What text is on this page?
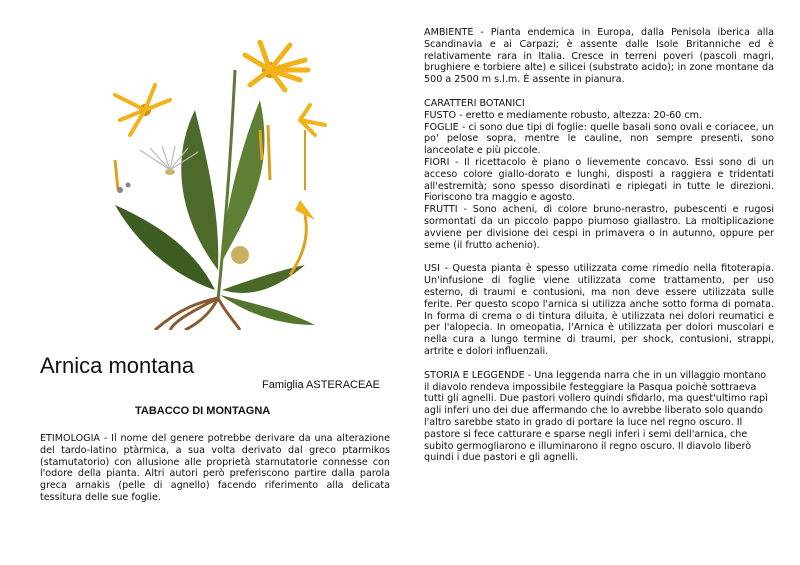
Arnica montana
Famiglia ASTERACEAE
TABACCO DI MONTAGNA
ETIMOLOGIA - Il nome del genere potrebbe derivare da una alterazione del tardo-latino ptàrmica, a sua volta derivato dal greco ptarmikos (stamutatorio) con allusione alle proprietà starnutatorie connesse con l'odore della pianta. Altri autori però preferiscono partire dalla parola greca arnakis (pelle di agnello) facendo riferimento alla delicata tessitura delle sue foglie.

AMBIENTE - Pianta endemica in Europa, dalla Penisola iberica alla Scandinavia e ai Carpazi; è assente dalle Isole Britanniche ed è relativamente rara in Italia. Cresce in terreni poveri (pascoli magri, brughiere e torbiere alte) e silicei (substrato acido); in zone montane da 500 a 2500 m s.l.m. È assente in pianura.

CARATTERI BOTANICI

FUSTO - eretto e mediamente robusto, altezza: 20-60 cm.

FOGLIE - ci sono due tipi di foglie: quelle basali sono ovali e coriacee, un po' pelose sopra, mentre le cauline, non sempre presenti, sono lanceolate e più piccole.

FIORI - Il ricettacolo è piano o lievemente concavo. Essi sono di un acceso colore giallo-dorato e lunghi, disposti a raggiera e tridentati all'estremità; sono spesso disordinati e ripiegati in tutte le direzioni. Fioriscono tra maggio e agosto.

FRUTTI - Sono acheni, di colore bruno-nerastro, pubescenti e rugosi sormontati da un piccolo pappo piumoso giallastro. La moltiplicazione avviene per divisione dei cespi in primavera o in autunno, oppure per seme (il frutto achenio).

USI - Questa pianta è spesso utilizzata come rimedio nella fitoterapia. Un'infusione di foglie viene utilizzata come trattamento, per uso esterno, di traumi e contusioni, ma non deve essere utilizzata sulle ferite. Per questo scopo l'arnica si utilizza anche sotto forma di pomata. In forma di crema o di tintura diluita, è utilizzata nei dolori reumatici e per l'alopecia. In omeopatia, l'Arnica è utilizzata per dolori muscolari e nella cura a lungo termine di traumi, per shock, contusioni, strappi, artrite e dolori influenzali.

STORIA E LEGGENDE - Una leggenda narra che in un villaggio montano il diavolo rendeva impossibile festeggiare la Pasqua poichè sottraeva tutti gli agnelli. Due pastori vollero quindi sfidarlo, ma quest'ultimo rapì agli inferi uno dei due affermando che lo avrebbe liberato solo quando l'altro sarebbe stato in grado di portare la luce nel regno oscuro. Il pastore si fece catturare e sparse negli inferi i semi dell'arnica, che subito germogliarono e illuminarono il regno oscuro. Il diavolo liberò quindi i due pastori e gli agnelli.
